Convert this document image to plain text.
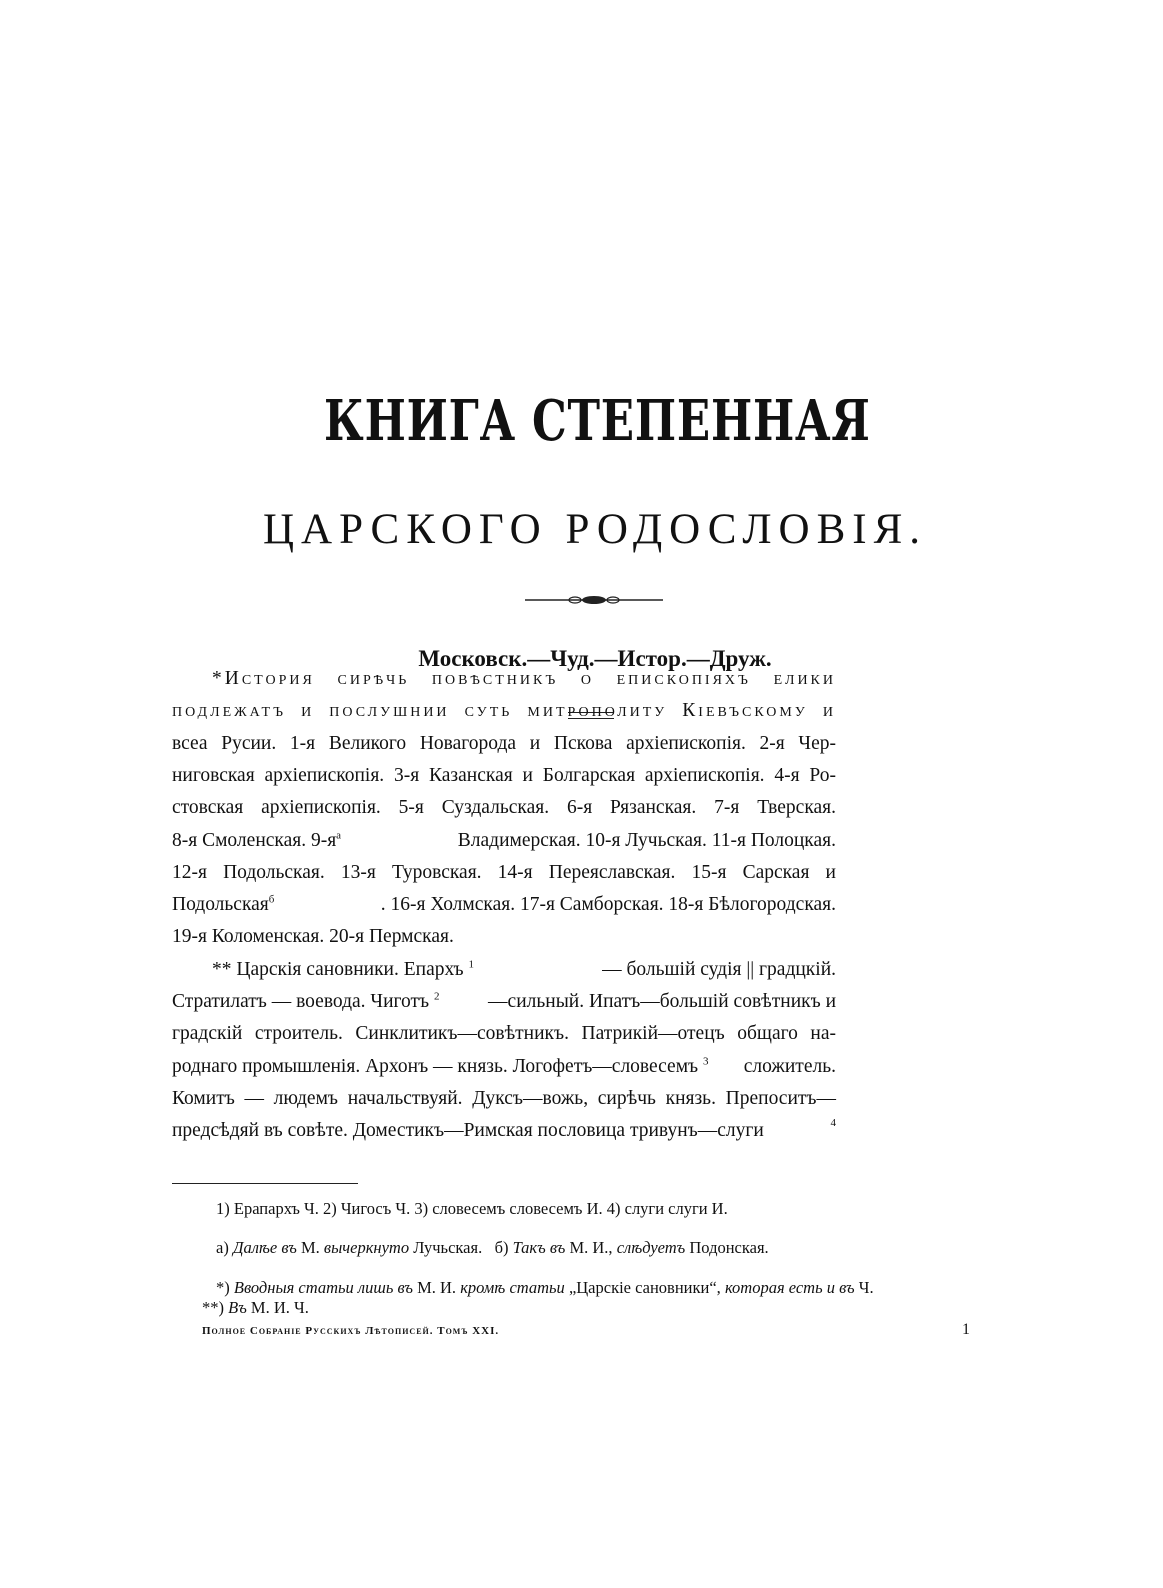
КНИГА СТЕПЕННАЯ
ЦАРСКОГО РОДОСЛОВІЯ.
Московск.—Чуд.—Истор.—Друж.
*История сирѣчь повѣстникъ о епископіяхъ елики
подлежатъ и послушнии суть митрополиту Кіевъскому и
всеа Русии. 1-я Великого Новагорода и Пскова архіепископія. 2-я Чер-
ниговская архіепископія. 3-я Казанская и Болгарская архіепископія. 4-я Ро-
стовская архіепископія. 5-я Суздальская. 6-я Рязанская. 7-я Тверская.
8-я Смоленская. $9-я^а$	Владимерская. 10-я Лучьская. 11-я Полоцкая.
12-я Подольская. 13-я Туровская. 14-я Переяславская. 15-я Сарская и
Подольская$^б$	. 16-я Холмская. 17-я Самборская. 18-я Бѣлогородская.
19-я Коломенская. 20-я Пермская.
** Царскія сановники. Епархъ $^1$	— большій судія || градцкій.
Стратилатъ — воевода. Чиготъ $^2$ —сильный. Ипатъ—большій совѣтникъ и
градскій строитель. Синклитикъ—совѣтникъ. Патрикій—отецъ общаго на-
роднаго промышленія. Архонъ — князь. Логофетъ—словесемъ $^3$ сложитель.
Комитъ — людемъ начальствуяй. Дуксъ—вожь, сирѣчь князь. Препоситъ—
предсѣдяй въ совѣте. Доместикъ—Римская пословица тривунъ—слуги	4
1) Ерапархъ Ч. 2) Чигосъ Ч. 3) словесемъ словесемъ И. 4) слуги слуги И.
а) Далѣе въ М. вычеркнуто Лучьская. б) Такъ въ М. И., слѣдуетъ Подонская.
*) Вводныя статьи лишь въ М. И. кромѣ статьи „Царскіе сановники“, которая есть и въ Ч.
**) Въ М. И. Ч.
Полное Собраніе Русскихъ Лѣтописей. Томъ XXI.	1
